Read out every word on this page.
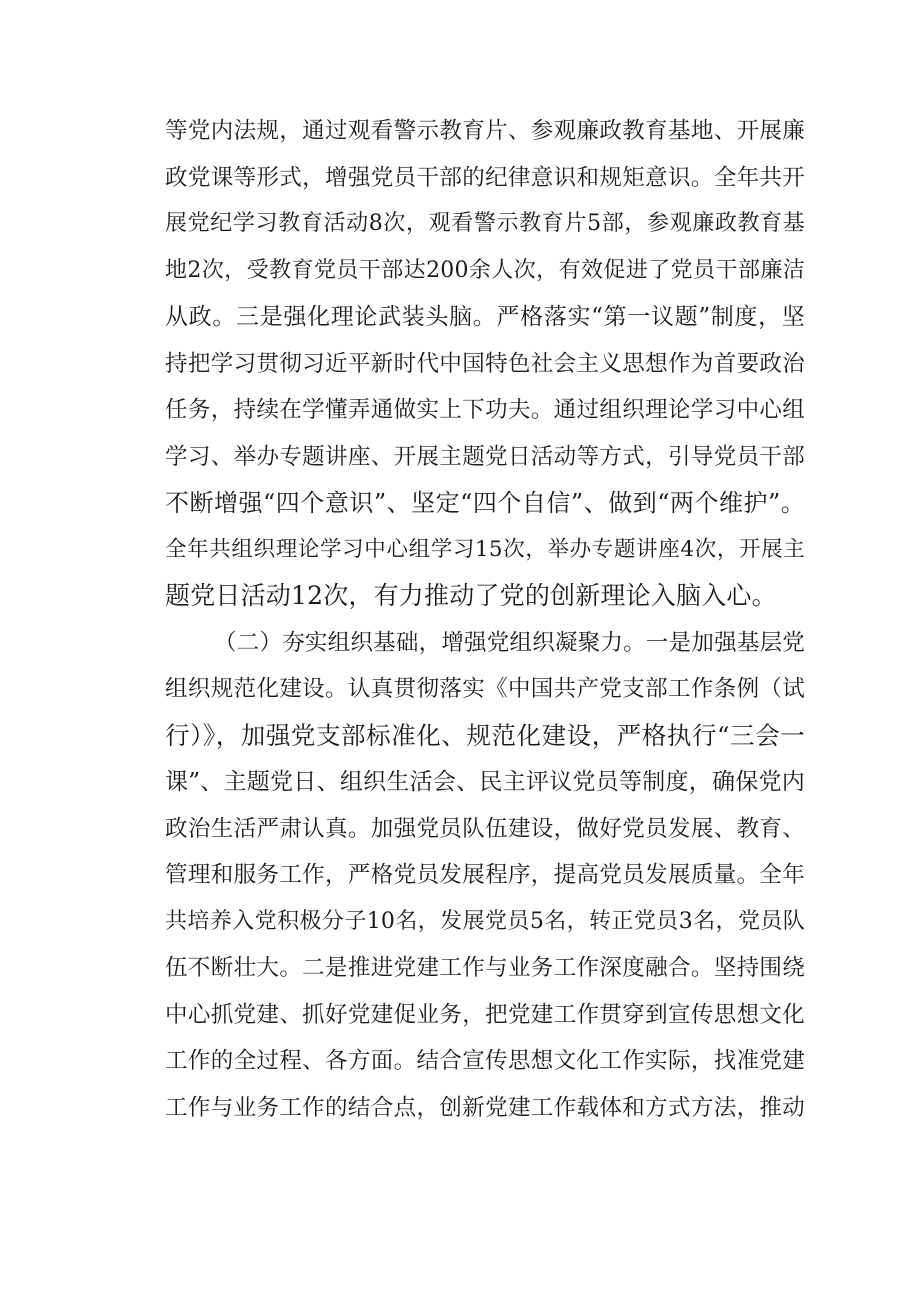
等党内法规，通过观看警示教育片、参观廉政教育基地、开展廉
政党课等形式，增强党员干部的纪律意识和规矩意识。全年共开
展党纪学习教育活动8次，观看警示教育片5部，参观廉政教育基
地2次，受教育党员干部达200余人次，有效促进了党员干部廉洁
从政。三是强化理论武装头脑。严格落实“第一议题”制度，坚
持把学习贯彻习近平新时代中国特色社会主义思想作为首要政治
任务，持续在学懂弄通做实上下功夫。通过组织理论学习中心组
学习、举办专题讲座、开展主题党日活动等方式，引导党员干部
不断增强“四个意识”、坚定“四个自信”、做到“两个维护”。
全年共组织理论学习中心组学习15次，举办专题讲座4次，开展主
题党日活动12次，有力推动了党的创新理论入脑入心。
（二）夯实组织基础，增强党组织凝聚力。一是加强基层党
组织规范化建设。认真贯彻落实《中国共产党支部工作条例（试
行）》，加强党支部标准化、规范化建设，严格执行“三会一
课”、主题党日、组织生活会、民主评议党员等制度，确保党内
政治生活严肃认真。加强党员队伍建设，做好党员发展、教育、
管理和服务工作，严格党员发展程序，提高党员发展质量。全年
共培养入党积极分子10名，发展党员5名，转正党员3名，党员队
伍不断壮大。二是推进党建工作与业务工作深度融合。坚持围绕
中心抓党建、抓好党建促业务，把党建工作贯穿到宣传思想文化
工作的全过程、各方面。结合宣传思想文化工作实际，找准党建
工作与业务工作的结合点，创新党建工作载体和方式方法，推动
